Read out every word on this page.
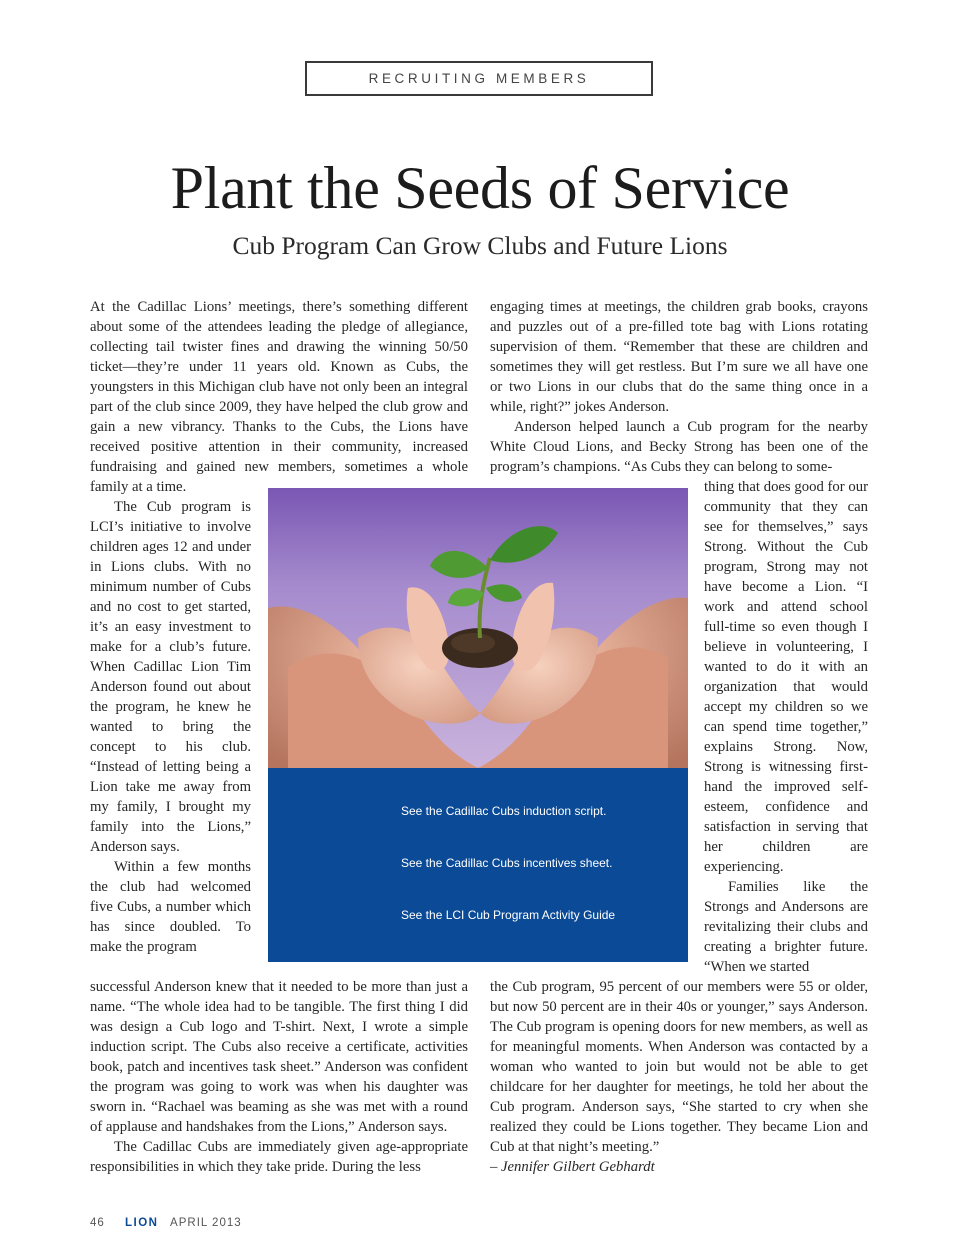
RECRUITING MEMBERS
Plant the Seeds of Service
Cub Program Can Grow Clubs and Future Lions

At the Cadillac Lions’ meetings, there’s something different about some of the attendees leading the pledge of allegiance, collecting tail twister fines and drawing the winning 50/50 ticket—they’re under 11 years old. Known as Cubs, the youngsters in this Michigan club have not only been an integral part of the club since 2009, they have helped the club grow and gain a new vibrancy. Thanks to the Cubs, the Lions have received positive attention in their community, increased fundraising and gained new members, sometimes a whole family at a time.

The Cub program is LCI’s initiative to involve children ages 12 and under in Lions clubs. With no minimum number of Cubs and no cost to get started, it’s an easy investment to make for a club’s future. When Cadillac Lion Tim Anderson found out about the program, he knew he wanted to bring the concept to his club. “Instead of letting being a Lion take me away from my family, I brought my family into the Lions,” Anderson says.

Within a few months the club had welcomed five Cubs, a number which has since doubled. To make the program

successful Anderson knew that it needed to be more than just a name. “The whole idea had to be tangible. The first thing I did was design a Cub logo and T-shirt. Next, I wrote a simple induction script. The Cubs also receive a certificate, activities book, patch and incentives task sheet.” Anderson was confident the program was going to work was when his daughter was sworn in. “Rachael was beaming as she was met with a round of applause and handshakes from the Lions,” Anderson says.

The Cadillac Cubs are immediately given age-appropriate responsibilities in which they take pride. During the less

engaging times at meetings, the children grab books, crayons and puzzles out of a pre-filled tote bag with Lions rotating supervision of them. “Remember that these are children and sometimes they will get restless. But I’m sure we all have one or two Lions in our clubs that do the same thing once in a while, right?” jokes Anderson.

Anderson helped launch a Cub program for the nearby White Cloud Lions, and Becky Strong has been one of the program’s champions. “As Cubs they can belong to some-

thing that does good for our community that they can see for themselves,” says Strong. Without the Cub program, Strong may not have become a Lion. “I work and attend school full-time so even though I believe in volunteering, I wanted to do it with an organization that would accept my children so we can spend time together,” explains Strong. Now, Strong is witnessing first-hand the improved self-esteem, confidence and satisfaction in serving that her children are experiencing.

Families like the Strongs and Andersons are revitalizing their clubs and creating a brighter future. “When we started

the Cub program, 95 percent of our members were 55 or older, but now 50 percent are in their 40s or younger,” says Anderson. The Cub program is opening doors for new members, as well as for meaningful moments. When Anderson was contacted by a woman who wanted to join but would not be able to get childcare for her daughter for meetings, he told her about the Cub program. Anderson says, “She started to cry when she realized they could be Lions together. They became Lion and Cub at that night’s meeting.”

– Jennifer Gilbert Gebhardt

See the Cadillac Cubs induction script.
See the Cadillac Cubs incentives sheet.
See the LCI Cub Program Activity Guide
46 LION APRIL 2013
